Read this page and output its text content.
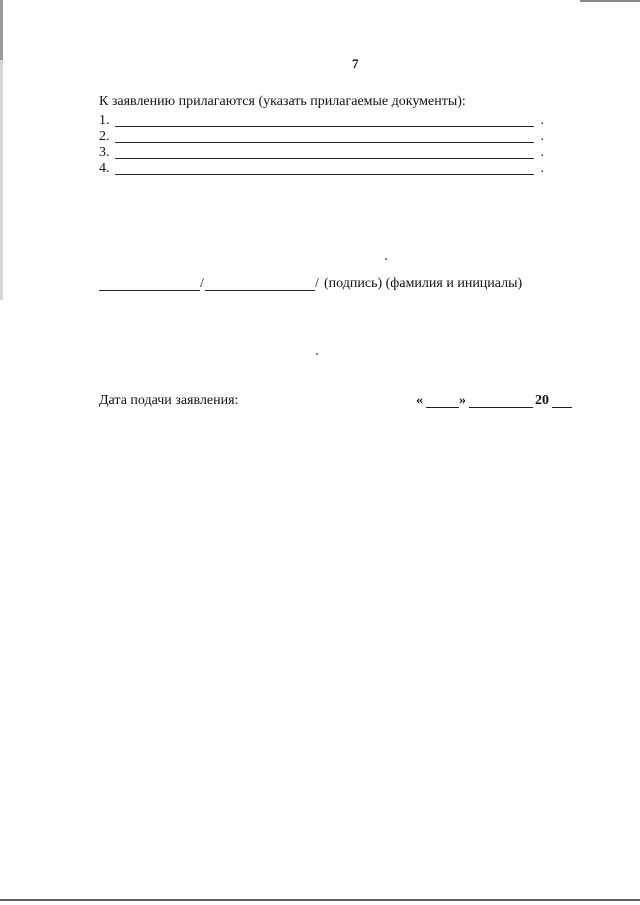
7
К заявлению прилагаются (указать прилагаемые документы):
1.	.
2.	.
3.	.
4.	.
/	/ (подпись) (фамилия и инициалы)
Дата подачи заявления:	«	»	20
